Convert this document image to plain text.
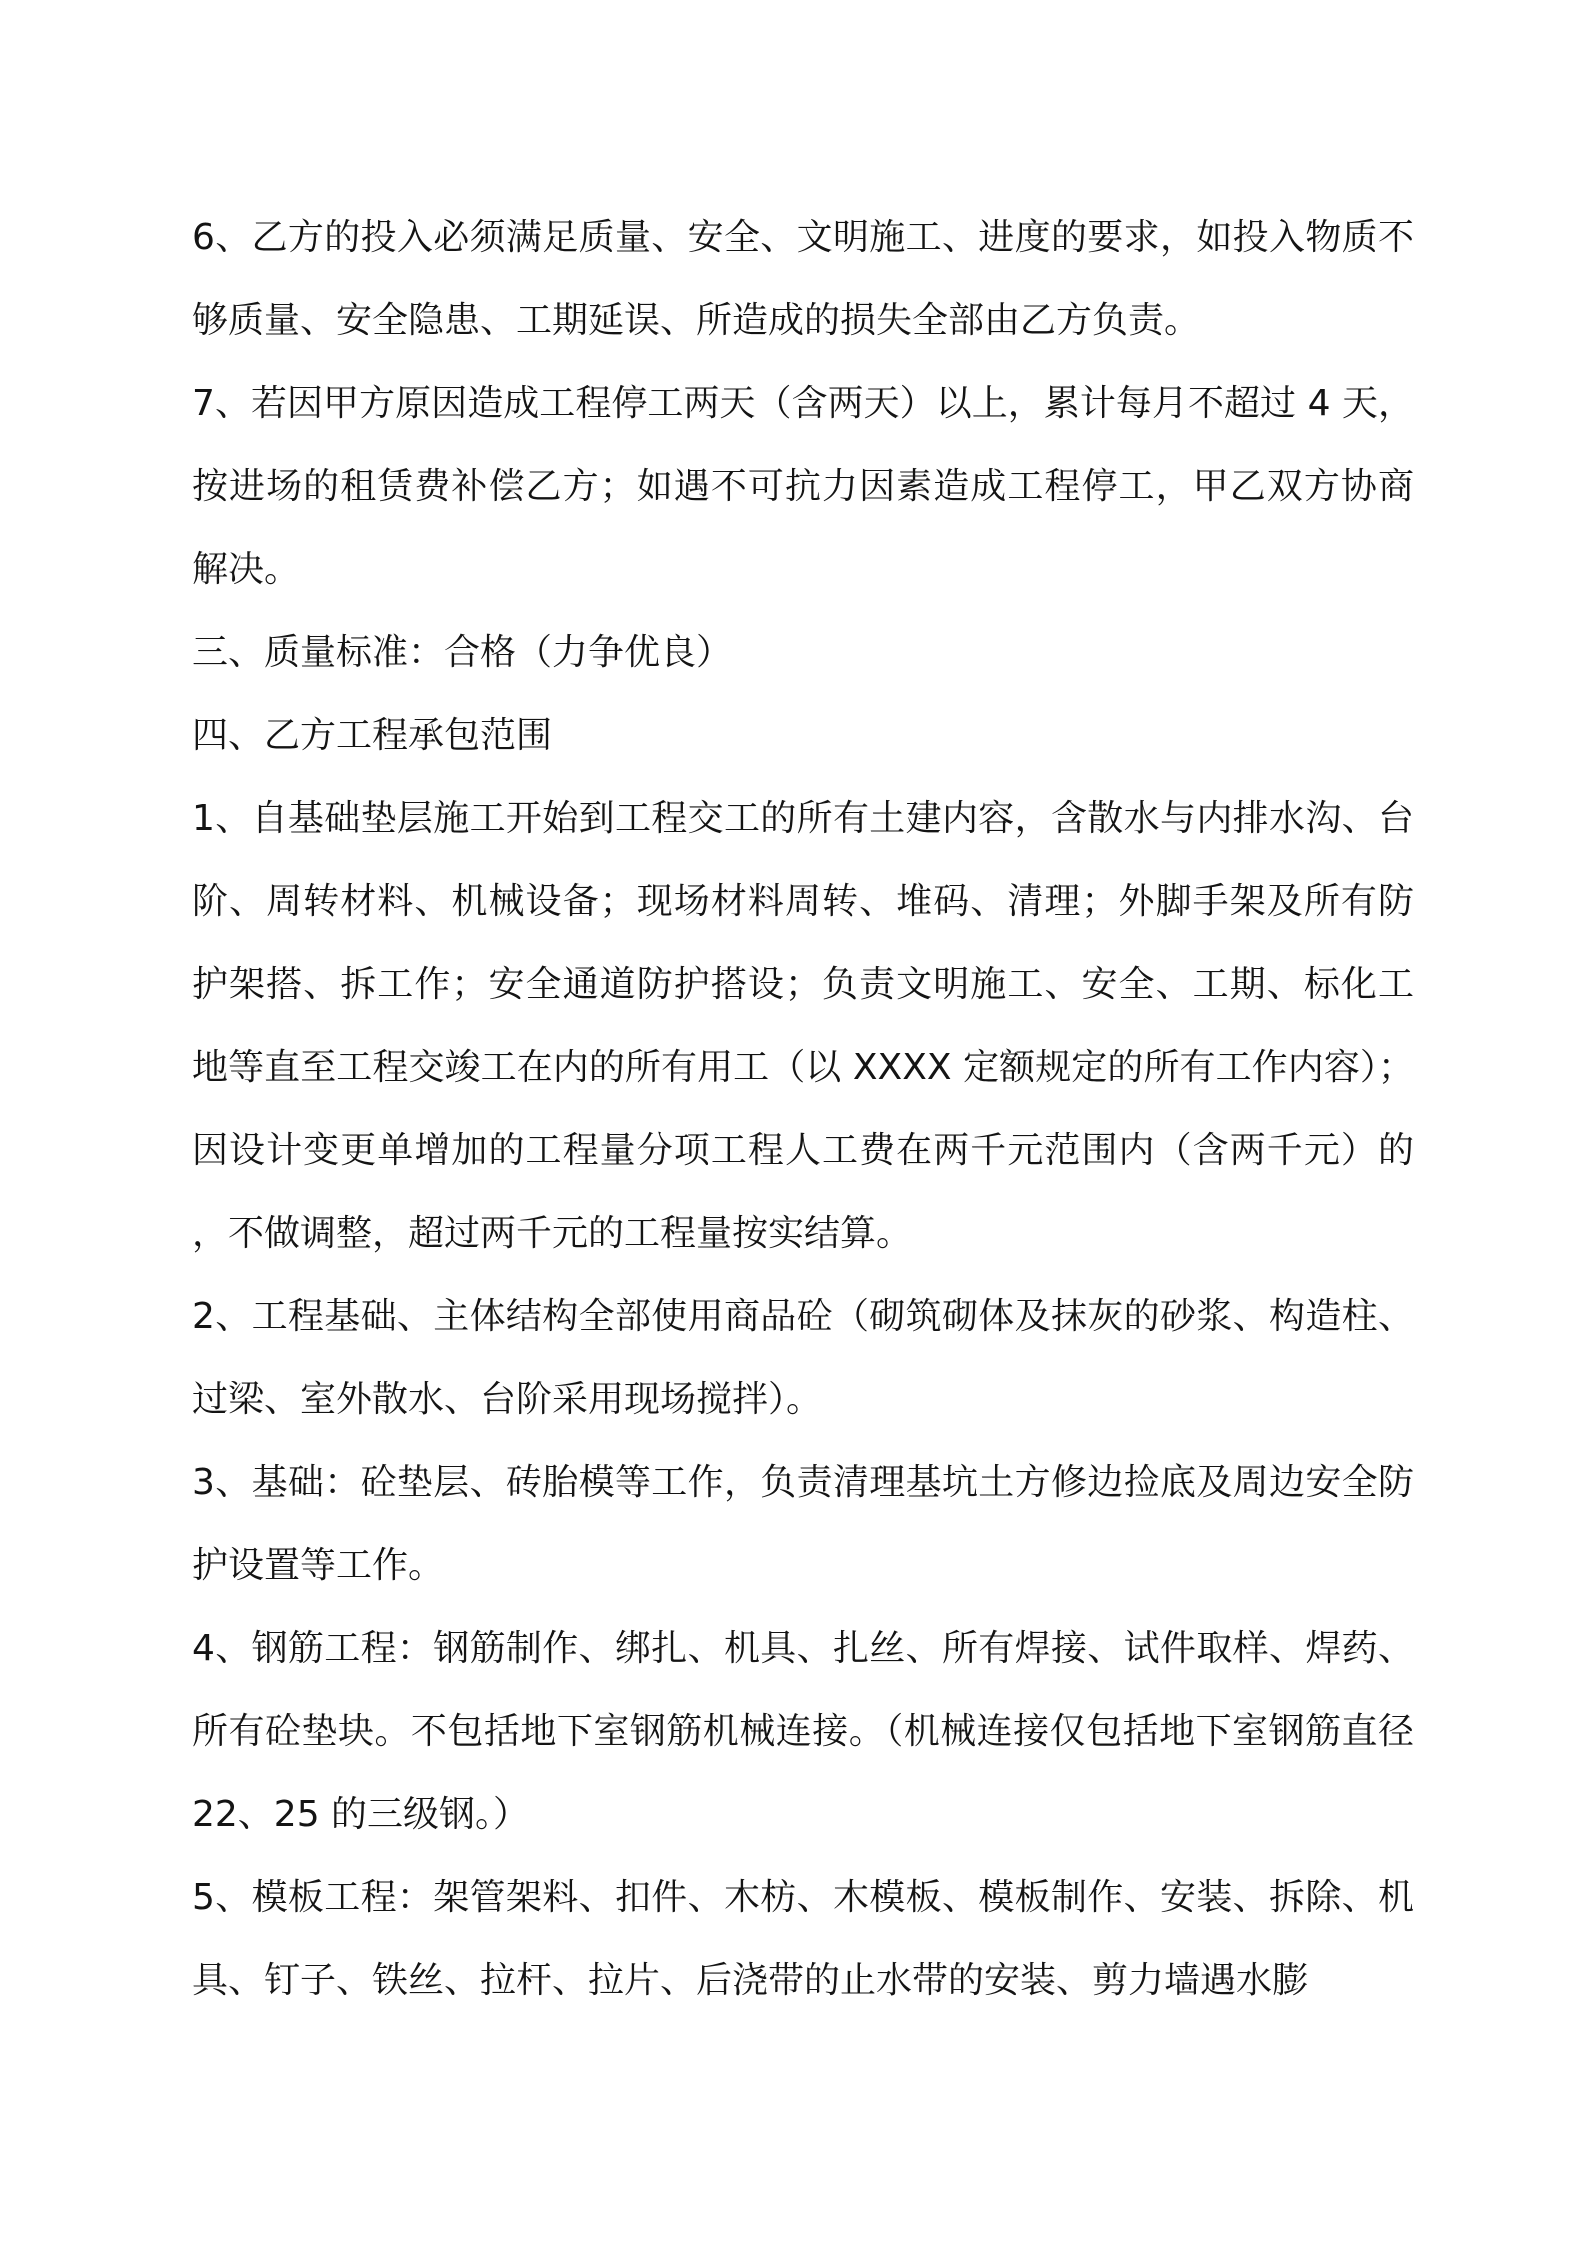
6、乙方的投入必须满足质量、安全、文明施工、进度的要求，如投入物质不够质量、安全隐患、工期延误、所造成的损失全部由乙方负责。

7、若因甲方原因造成工程停工两天（含两天）以上，累计每月不超过 4 天，按进场的租赁费补偿乙方；如遇不可抗力因素造成工程停工，甲乙双方协商解决。

三、质量标准：合格（力争优良）

四、乙方工程承包范围

1、自基础垫层施工开始到工程交工的所有土建内容，含散水与内排水沟、台阶、周转材料、机械设备；现场材料周转、堆码、清理；外脚手架及所有防护架搭、拆工作；安全通道防护搭设；负责文明施工、安全、工期、标化工地等直至工程交竣工在内的所有用工（以 XXXX 定额规定的所有工作内容）；因设计变更单增加的工程量分项工程人工费在两千元范围内（含两千元）的，不做调整，超过两千元的工程量按实结算。

2、工程基础、主体结构全部使用商品砼（砌筑砌体及抹灰的砂浆、构造柱、过梁、室外散水、台阶采用现场搅拌）。

3、基础：砼垫层、砖胎模等工作，负责清理基坑土方修边捡底及周边安全防护设置等工作。

4、钢筋工程：钢筋制作、绑扎、机具、扎丝、所有焊接、试件取样、焊药、所有砼垫块。不包括地下室钢筋机械连接。（机械连接仅包括地下室钢筋直径 22、25 的三级钢。）

5、模板工程：架管架料、扣件、木枋、木模板、模板制作、安装、拆除、机具、钉子、铁丝、拉杆、拉片、后浇带的止水带的安装、剪力墙遇水膨
